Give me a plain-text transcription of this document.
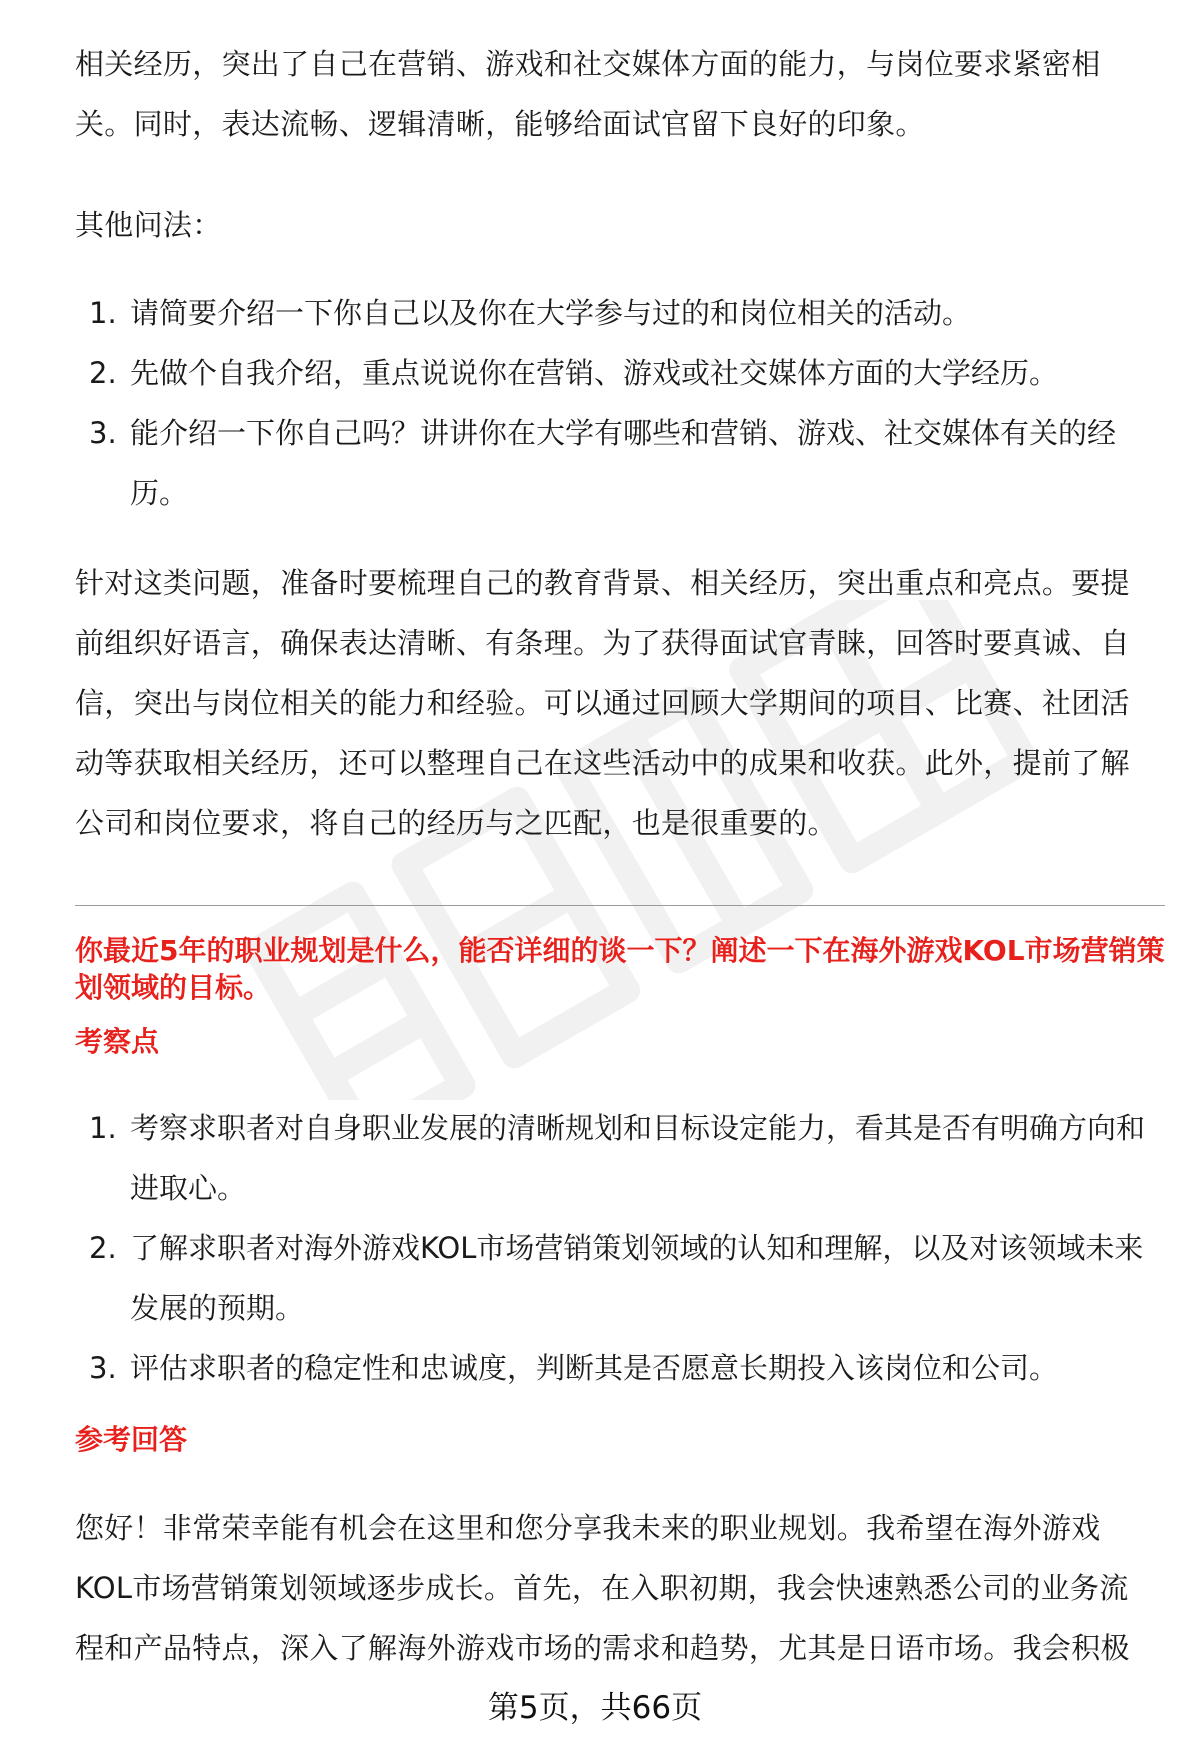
相关经历，突出了自己在营销、游戏和社交媒体方面的能力，与岗位要求紧密相关。同时，表达流畅、逻辑清晰，能够给面试官留下良好的印象。

其他问法：

1. 请简要介绍一下你自己以及你在大学参与过的和岗位相关的活动。
2. 先做个自我介绍，重点说说你在营销、游戏或社交媒体方面的大学经历。
3. 能介绍一下你自己吗？讲讲你在大学有哪些和营销、游戏、社交媒体有关的经历。

针对这类问题，准备时要梳理自己的教育背景、相关经历，突出重点和亮点。要提前组织好语言，确保表达清晰、有条理。为了获得面试官青睐，回答时要真诚、自信，突出与岗位相关的能力和经验。可以通过回顾大学期间的项目、比赛、社团活动等获取相关经历，还可以整理自己在这些活动中的成果和收获。此外，提前了解公司和岗位要求，将自己的经历与之匹配，也是很重要的。

你最近5年的职业规划是什么，能否详细的谈一下？阐述一下在海外游戏KOL市场营销策划领域的目标。
考察点
1. 考察求职者对自身职业发展的清晰规划和目标设定能力，看其是否有明确方向和进取心。
2. 了解求职者对海外游戏KOL市场营销策划领域的认知和理解，以及对该领域未来发展的预期。
3. 评估求职者的稳定性和忠诚度，判断其是否愿意长期投入该岗位和公司。
参考回答

您好！非常荣幸能有机会在这里和您分享我未来的职业规划。我希望在海外游戏KOL市场营销策划领域逐步成长。首先，在入职初期，我会快速熟悉公司的业务流程和产品特点，深入了解海外游戏市场的需求和趋势，尤其是日语市场。我会积极

第5页，共66页
